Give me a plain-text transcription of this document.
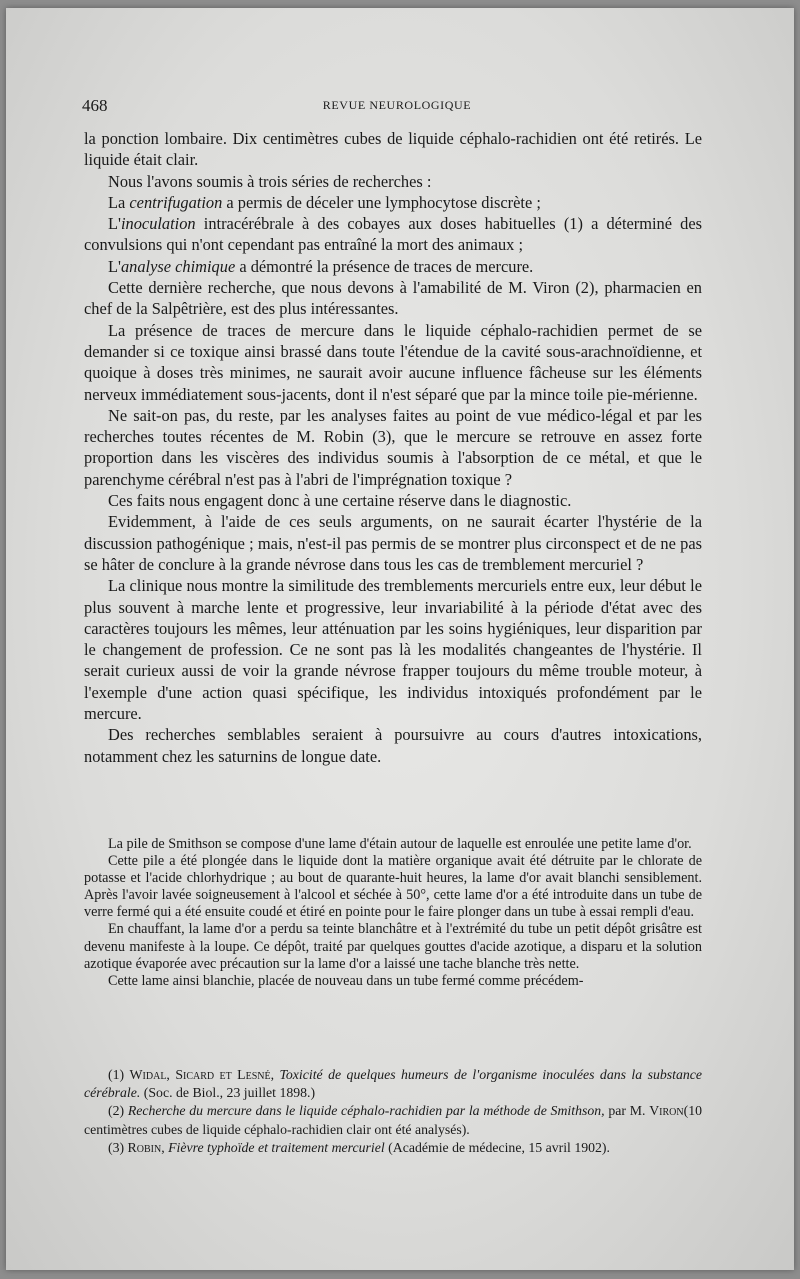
468	REVUE NEUROLOGIQUE

la ponction lombaire. Dix centimètres cubes de liquide céphalo-rachidien ont été retirés. Le liquide était clair.

Nous l'avons soumis à trois séries de recherches :

La centrifugation a permis de déceler une lymphocytose discrète ;

L'inoculation intracérébrale à des cobayes aux doses habituelles (1) a déterminé des convulsions qui n'ont cependant pas entraîné la mort des animaux ;

L'analyse chimique a démontré la présence de traces de mercure.

Cette dernière recherche, que nous devons à l'amabilité de M. Viron (2), pharmacien en chef de la Salpêtrière, est des plus intéressantes.

La présence de traces de mercure dans le liquide céphalo-rachidien permet de se demander si ce toxique ainsi brassé dans toute l'étendue de la cavité sous-arachnoïdienne, et quoique à doses très minimes, ne saurait avoir aucune influence fâcheuse sur les éléments nerveux immédiatement sous-jacents, dont il n'est séparé que par la mince toile pie-mérienne.

Ne sait-on pas, du reste, par les analyses faites au point de vue médico-légal et par les recherches toutes récentes de M. Robin (3), que le mercure se retrouve en assez forte proportion dans les viscères des individus soumis à l'absorption de ce métal, et que le parenchyme cérébral n'est pas à l'abri de l'imprégnation toxique ?

Ces faits nous engagent donc à une certaine réserve dans le diagnostic.

Evidemment, à l'aide de ces seuls arguments, on ne saurait écarter l'hystérie de la discussion pathogénique ; mais, n'est-il pas permis de se montrer plus circonspect et de ne pas se hâter de conclure à la grande névrose dans tous les cas de tremblement mercuriel ?

La clinique nous montre la similitude des tremblements mercuriels entre eux, leur début le plus souvent à marche lente et progressive, leur invariabilité à la période d'état avec des caractères toujours les mêmes, leur atténuation par les soins hygiéniques, leur disparition par le changement de profession. Ce ne sont pas là les modalités changeantes de l'hystérie. Il serait curieux aussi de voir la grande névrose frapper toujours du même trouble moteur, à l'exemple d'une action quasi spécifique, les individus intoxiqués profondément par le mercure.

Des recherches semblables seraient à poursuivre au cours d'autres intoxications, notamment chez les saturnins de longue date.

La pile de Smithson se compose d'une lame d'étain autour de laquelle est enroulée une petite lame d'or.

Cette pile a été plongée dans le liquide dont la matière organique avait été détruite par le chlorate de potasse et l'acide chlorhydrique ; au bout de quarante-huit heures, la lame d'or avait blanchi sensiblement. Après l'avoir lavée soigneusement à l'alcool et séchée à 50°, cette lame d'or a été introduite dans un tube de verre fermé qui a été ensuite coudé et étiré en pointe pour le faire plonger dans un tube à essai rempli d'eau.

En chauffant, la lame d'or a perdu sa teinte blanchâtre et à l'extrémité du tube un petit dépôt grisâtre est devenu manifeste à la loupe. Ce dépôt, traité par quelques gouttes d'acide azotique, a disparu et la solution azotique évaporée avec précaution sur la lame d'or a laissé une tache blanche très nette.

Cette lame ainsi blanchie, placée de nouveau dans un tube fermé comme précédem-

(1) Widal, Sicard et Lesné, Toxicité de quelques humeurs de l'organisme inoculées dans la substance cérébrale. (Soc. de Biol., 23 juillet 1898.)

(2) Recherche du mercure dans le liquide céphalo-rachidien par la méthode de Smithson, par M. Viron(10 centimètres cubes de liquide céphalo-rachidien clair ont été analysés).

(3) Robin, Fièvre typhoïde et traitement mercuriel (Académie de médecine, 15 avril 1902).
